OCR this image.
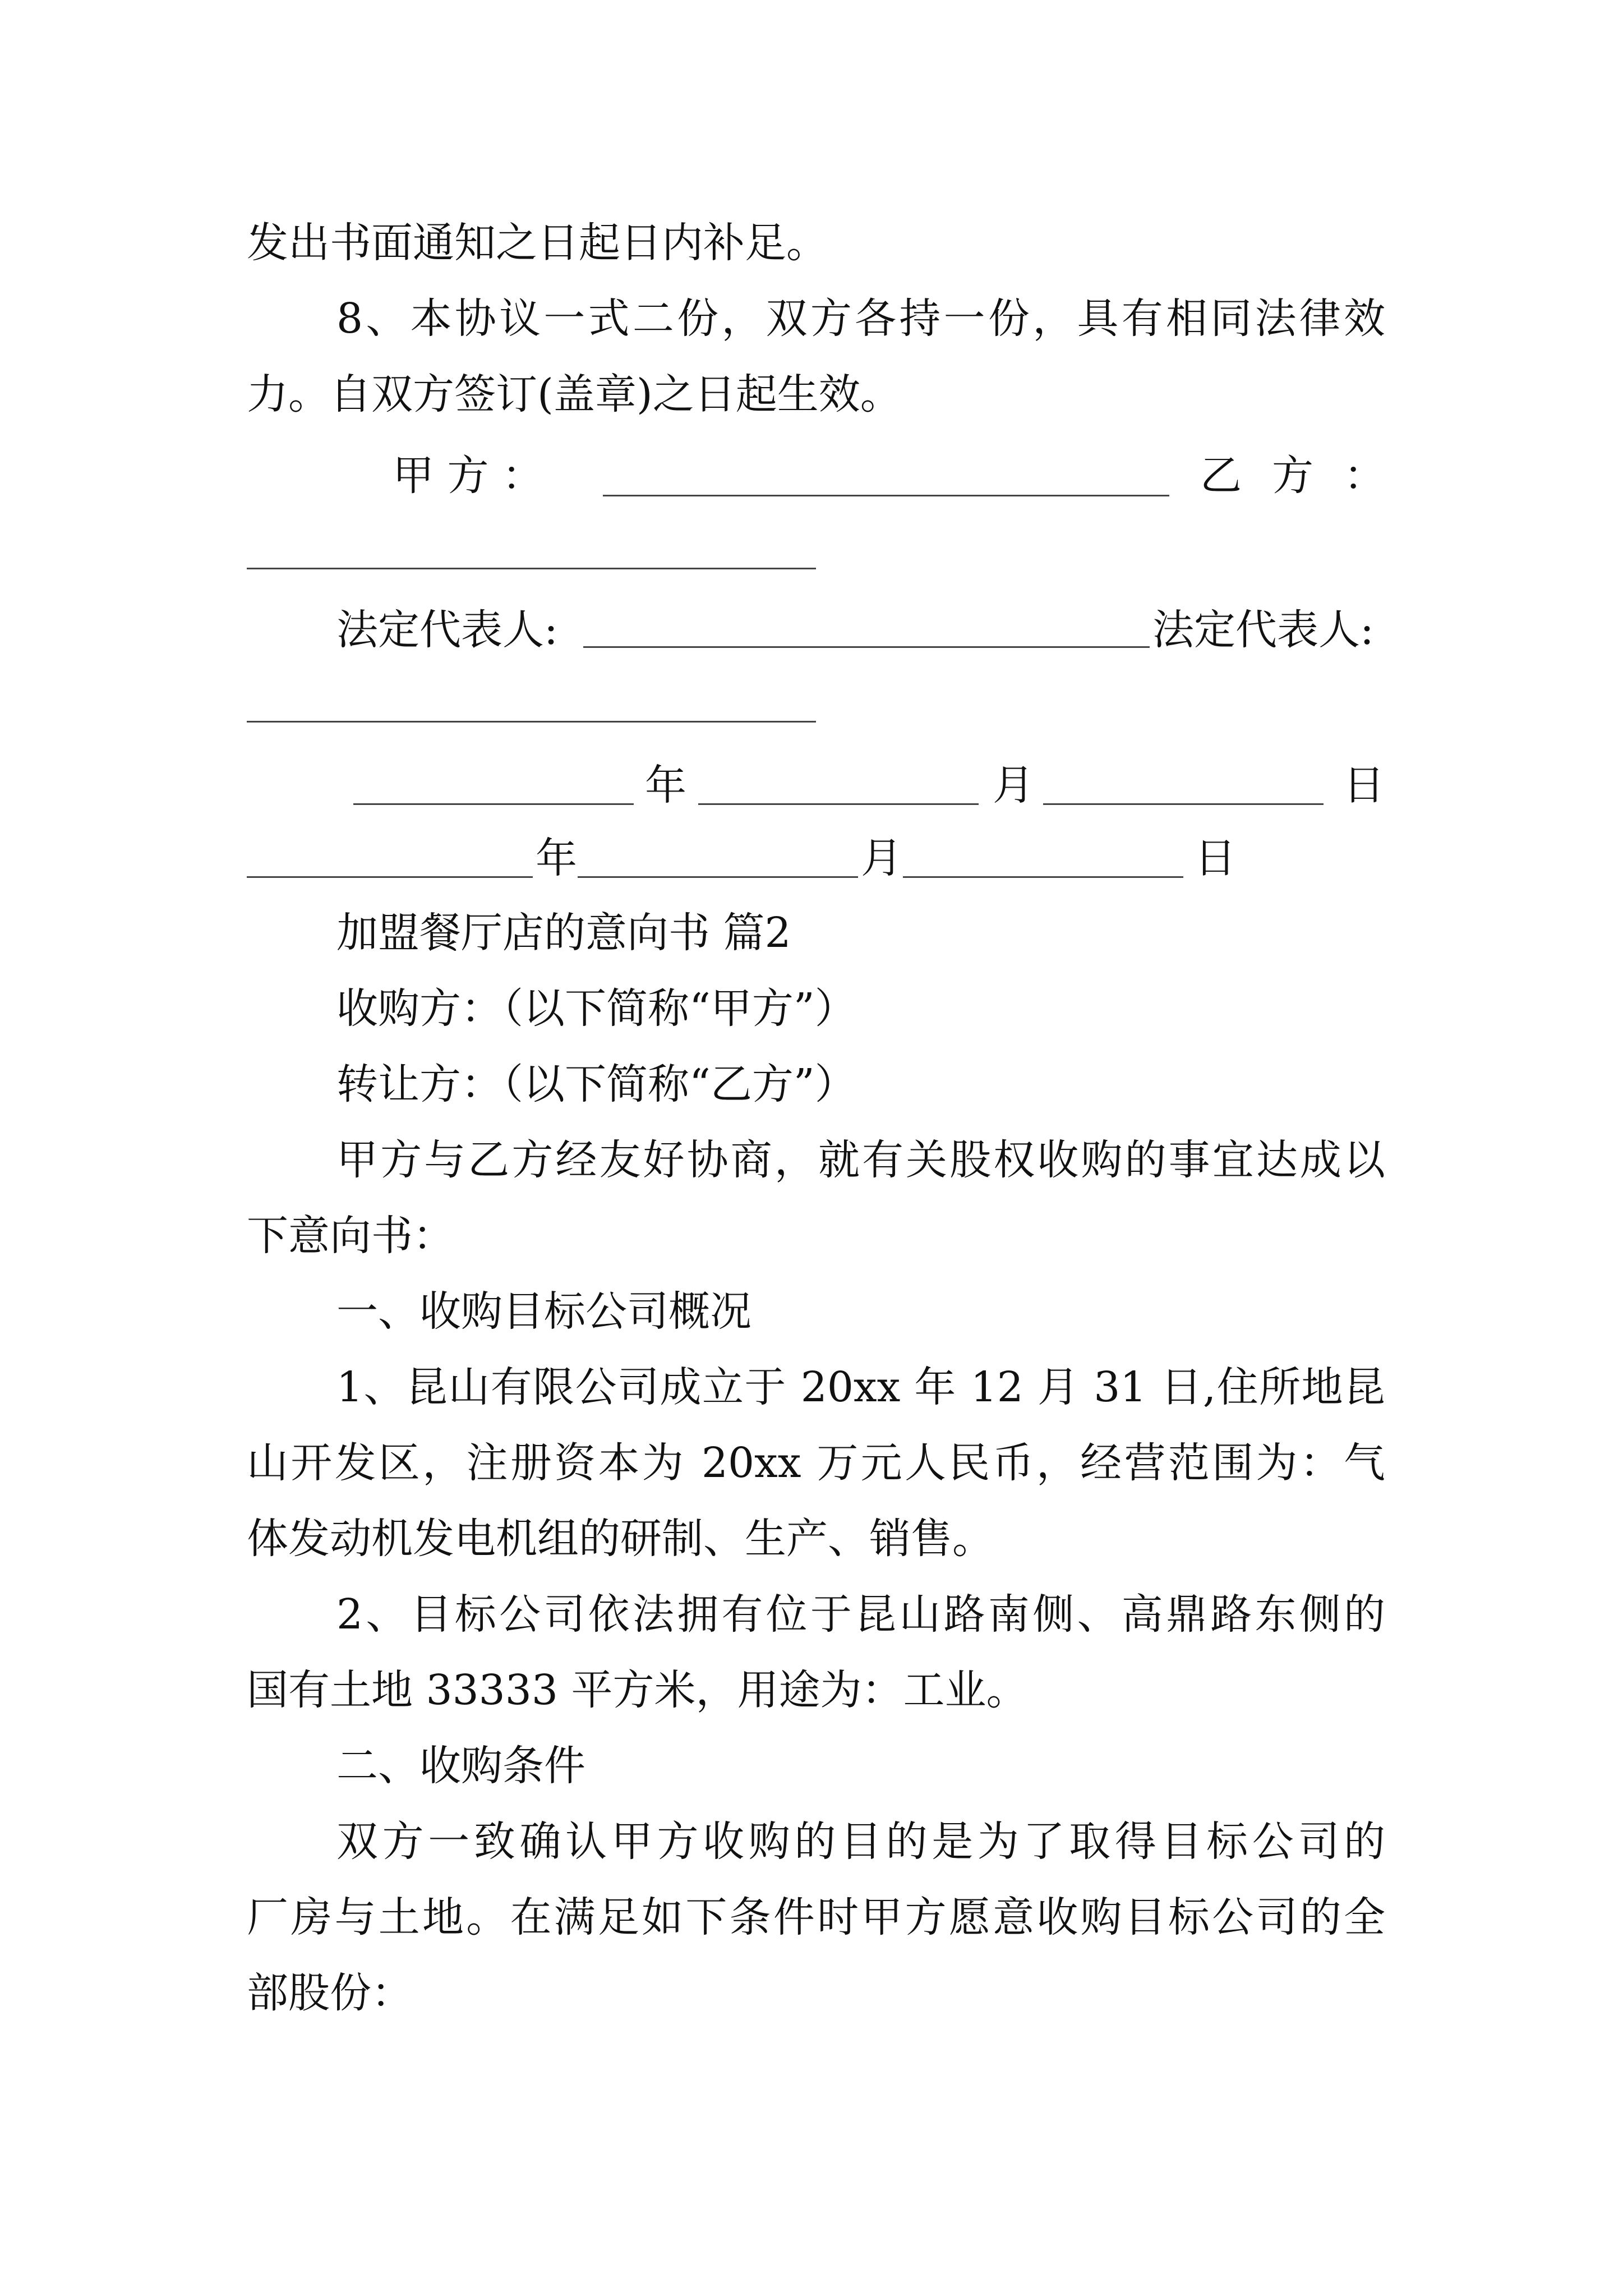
发出书面通知之日起日内补足。
8、本协议一式二份，双方各持一份，具有相同法律效
力。自双方签订(盖章)之日起生效。
甲 方 ：	乙 方 ：
法定代表人:	法定代表人:
年	月	日
年	月	日
加盟餐厅店的意向书 篇2
收购方：（以下简称“甲方”）
转让方：（以下简称“乙方”）
甲方与乙方经友好协商，就有关股权收购的事宜达成以
下意向书：
一、收购目标公司概况
1、昆山有限公司成立于 20xx 年 12 月 31 日,住所地昆
山开发区，注册资本为 20xx 万元人民币，经营范围为：气
体发动机发电机组的研制、生产、销售。
2、目标公司依法拥有位于昆山路南侧、高鼎路东侧的
国有土地 33333 平方米，用途为：工业。
二、收购条件
双方一致确认甲方收购的目的是为了取得目标公司的
厂房与土地。在满足如下条件时甲方愿意收购目标公司的全
部股份：
